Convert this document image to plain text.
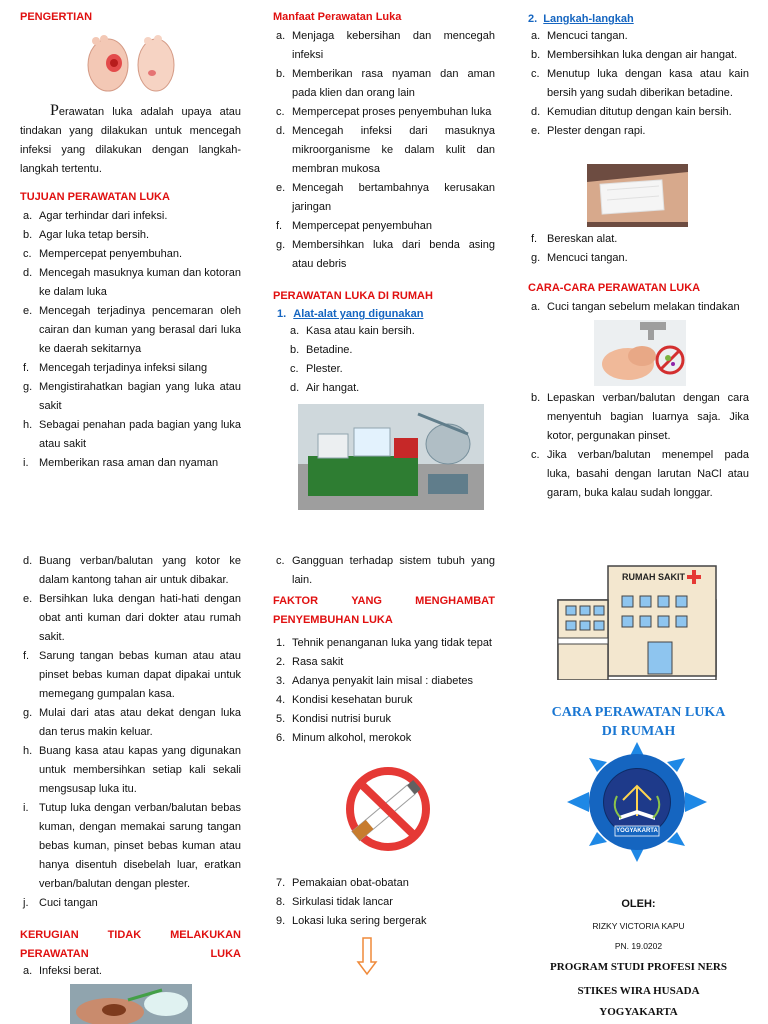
PENGERTIAN
Perawatan luka adalah upaya atau tindakan yang dilakukan untuk mencegah infeksi yang dilakukan dengan langkah-langkah tertentu.
TUJUAN PERAWATAN LUKA
a. Agar terhindar dari infeksi.
b. Agar luka tetap bersih.
c. Mempercepat penyembuhan.
d. Mencegah masuknya kuman dan kotoran ke dalam luka
e. Mencegah terjadinya pencemaran oleh cairan dan kuman yang berasal dari luka ke daerah sekitarnya
f. Mencegah terjadinya infeksi silang
g. Mengistirahatkan bagian yang luka atau sakit
h. Sebagai penahan pada bagian yang luka atau sakit
i. Memberikan rasa aman dan nyaman
Manfaat Perawatan Luka
a. Menjaga kebersihan dan mencegah infeksi
b. Memberikan rasa nyaman dan aman pada klien dan orang lain
c. Mempercepat proses penyembuhan luka
d. Mencegah infeksi dari masuknya mikroorganisme ke dalam kulit dan membran mukosa
e. Mencegah bertambahnya kerusakan jaringan
f. Mempercepat penyembuhan
g. Membersihkan luka dari benda asing atau debris
PERAWATAN LUKA DI RUMAH
1. Alat-alat yang digunakan
a. Kasa atau kain bersih.
b. Betadine.
c. Plester.
d. Air hangat.
2. Langkah-langkah
a. Mencuci tangan.
b. Membersihkan luka dengan air hangat.
c. Menutup luka dengan kasa atau kain bersih yang sudah diberikan betadine.
d. Kemudian ditutup dengan kain bersih.
e. Plester dengan rapi.
f. Bereskan alat.
g. Mencuci tangan.
CARA-CARA PERAWATAN LUKA
a. Cuci tangan sebelum melakan tindakan
b. Lepaskan verban/balutan dengan cara menyentuh bagian luarnya saja. Jika kotor, pergunakan pinset.
c. Jika verban/balutan menempel pada luka, basahi dengan larutan NaCl atau garam, buka kalau sudah longgar.
d. Buang verban/balutan yang kotor ke dalam kantong tahan air untuk dibakar.
e. Bersihkan luka dengan hati-hati dengan obat anti kuman dari dokter atau rumah sakit.
f. Sarung tangan bebas kuman atau atau pinset bebas kuman dapat dipakai untuk memegang gumpalan kasa.
g. Mulai dari atas atau dekat dengan luka dan terus makin keluar.
h. Buang kasa atau kapas yang digunakan untuk membersihkan setiap kali sekali mengsusap luka itu.
i. Tutup luka dengan verban/balutan bebas kuman, dengan memakai sarung tangan bebas kuman, pinset bebas kuman atau hanya disentuh disebelah luar, eratkan verban/balutan dengan plester.
j. Cuci tangan
KERUGIAN TIDAK MELAKUKAN PERAWATAN LUKA
a. Infeksi berat.
c. Gangguan terhadap sistem tubuh yang lain.
FAKTOR	YANG	MENGHAMBAT
PENYEMBUHAN LUKA
1. Tehnik penanganan luka yang tidak tepat
2. Rasa sakit
3. Adanya penyakit lain misal : diabetes
4. Kondisi kesehatan buruk
5. Kondisi nutrisi buruk
6. Minum alkohol, merokok
7. Pemakaian obat-obatan
8. Sirkulasi tidak lancar
9. Lokasi luka sering bergerak
RUMAH SAKIT
CARA PERAWATAN LUKA
DI RUMAH
YOGYAKARTA
OLEH:
RIZKY VICTORIA KAPU
PN. 19.0202
PROGRAM STUDI PROFESI NERS
STIKES WIRA HUSADA
YOGYAKARTA
